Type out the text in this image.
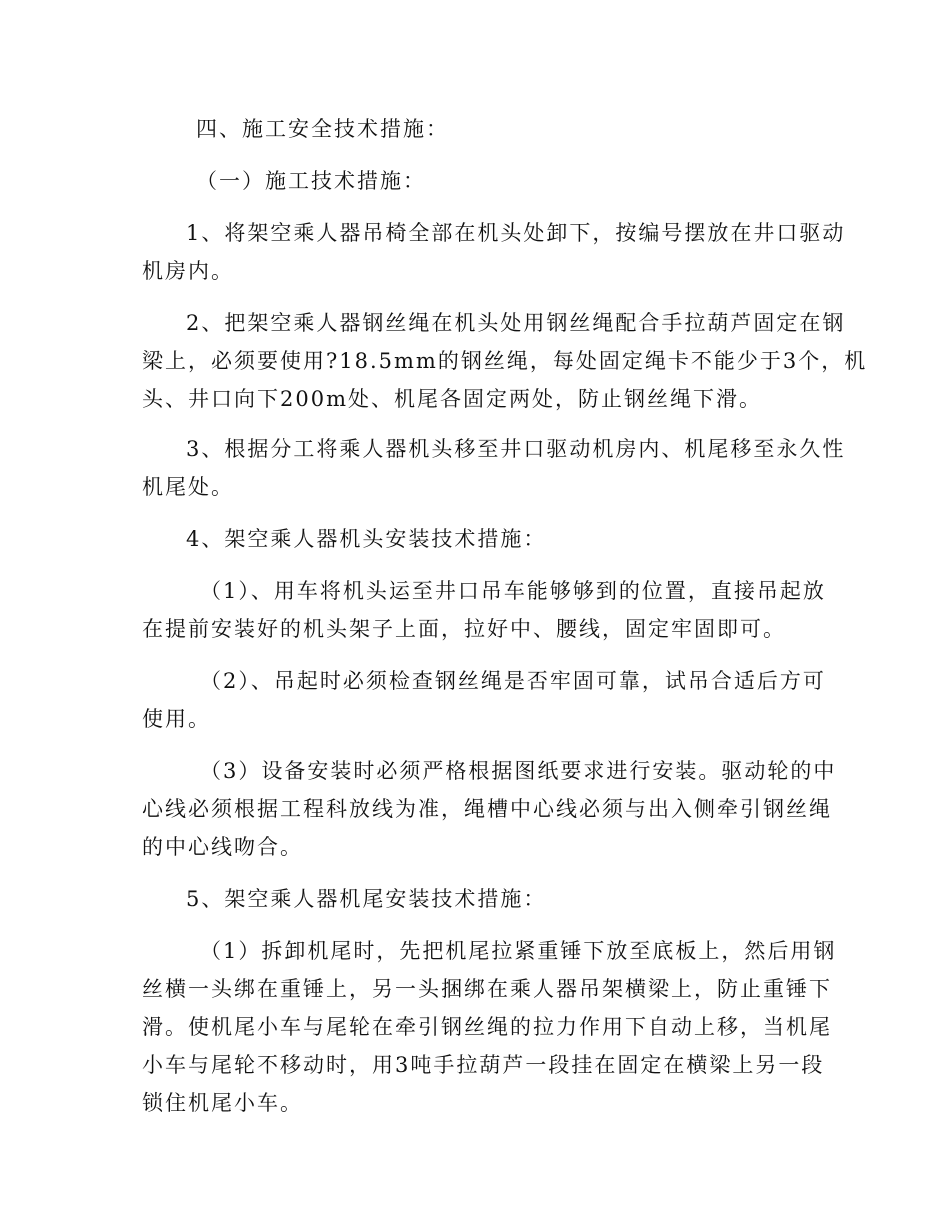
四、施工安全技术措施：
（一）施工技术措施：
1、将架空乘人器吊椅全部在机头处卸下，按编号摆放在井口驱动
机房内。
2、把架空乘人器钢丝绳在机头处用钢丝绳配合手拉葫芦固定在钢
梁上，必须要使用?18.5mm的钢丝绳，每处固定绳卡不能少于3个，机
头、井口向下200m处、机尾各固定两处，防止钢丝绳下滑。
3、根据分工将乘人器机头移至井口驱动机房内、机尾移至永久性
机尾处。
4、架空乘人器机头安装技术措施：
（1）、用车将机头运至井口吊车能够够到的位置，直接吊起放
在提前安装好的机头架子上面，拉好中、腰线，固定牢固即可。
（2）、吊起时必须检查钢丝绳是否牢固可靠，试吊合适后方可
使用。
（3）设备安装时必须严格根据图纸要求进行安装。驱动轮的中
心线必须根据工程科放线为准，绳槽中心线必须与出入侧牵引钢丝绳
的中心线吻合。
5、架空乘人器机尾安装技术措施：
（1）拆卸机尾时，先把机尾拉紧重锤下放至底板上，然后用钢
丝横一头绑在重锤上，另一头捆绑在乘人器吊架横梁上，防止重锤下
滑。使机尾小车与尾轮在牵引钢丝绳的拉力作用下自动上移，当机尾
小车与尾轮不移动时，用3吨手拉葫芦一段挂在固定在横梁上另一段
锁住机尾小车。
